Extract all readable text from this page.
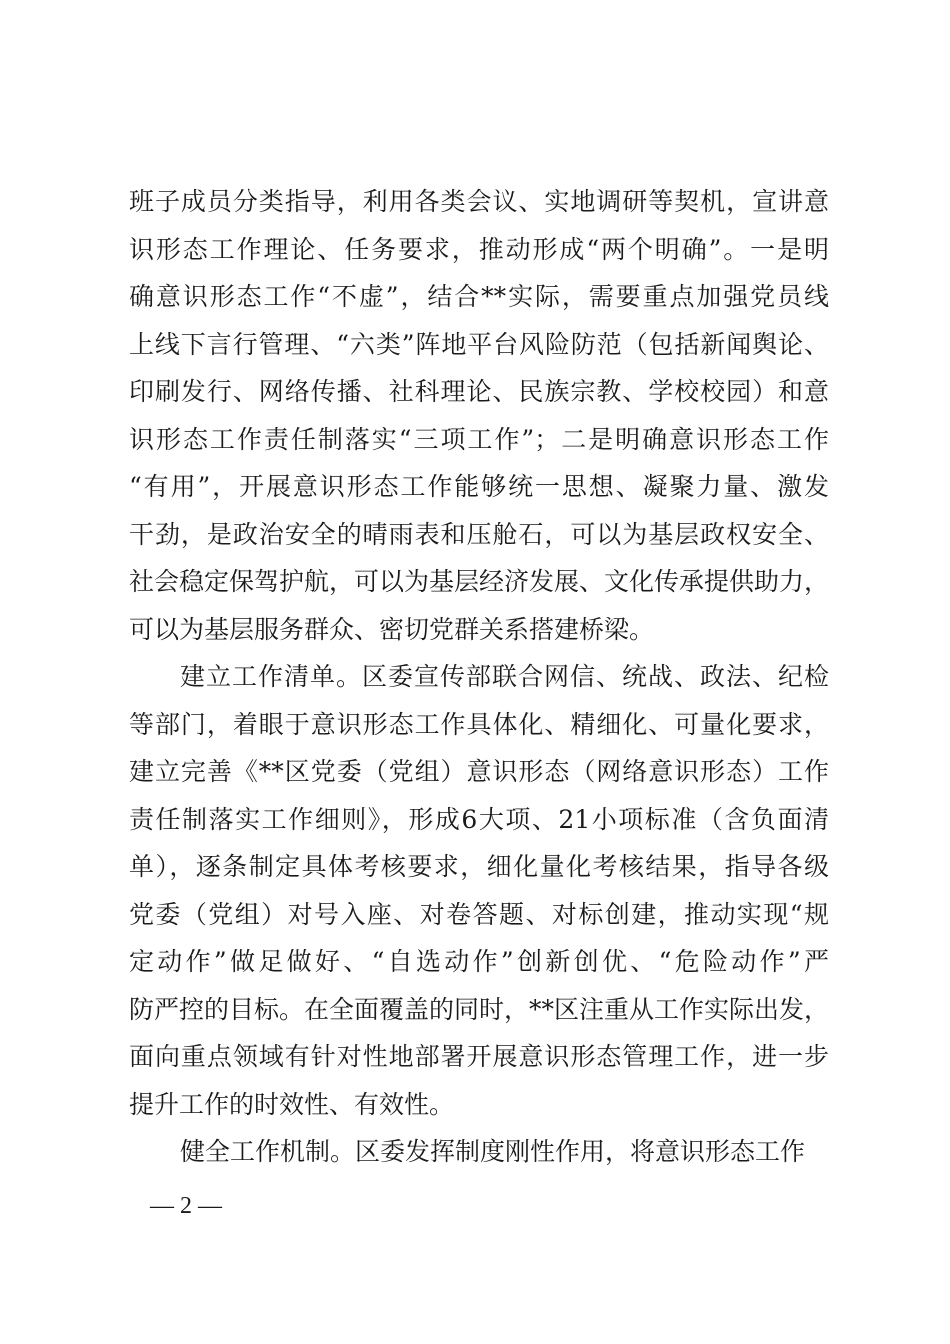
班子成员分类指导，利用各类会议、实地调研等契机，宣讲意
识形态工作理论、任务要求，推动形成“两个明确”。一是明
确意识形态工作“不虚”，结合**实际，需要重点加强党员线
上线下言行管理、“六类”阵地平台风险防范（包括新闻舆论、
印刷发行、网络传播、社科理论、民族宗教、学校校园）和意
识形态工作责任制落实“三项工作”；二是明确意识形态工作
“有用”，开展意识形态工作能够统一思想、凝聚力量、激发
干劲，是政治安全的晴雨表和压舱石，可以为基层政权安全、
社会稳定保驾护航，可以为基层经济发展、文化传承提供助力，
可以为基层服务群众、密切党群关系搭建桥梁。
建立工作清单。区委宣传部联合网信、统战、政法、纪检
等部门，着眼于意识形态工作具体化、精细化、可量化要求，
建立完善《**区党委（党组）意识形态（网络意识形态）工作
责任制落实工作细则》，形成6大项、21小项标准（含负面清
单），逐条制定具体考核要求，细化量化考核结果，指导各级
党委（党组）对号入座、对卷答题、对标创建，推动实现“规
定动作”做足做好、“自选动作”创新创优、“危险动作”严
防严控的目标。在全面覆盖的同时，**区注重从工作实际出发，
面向重点领域有针对性地部署开展意识形态管理工作，进一步
提升工作的时效性、有效性。
健全工作机制。区委发挥制度刚性作用，将意识形态工作
— 2 —
